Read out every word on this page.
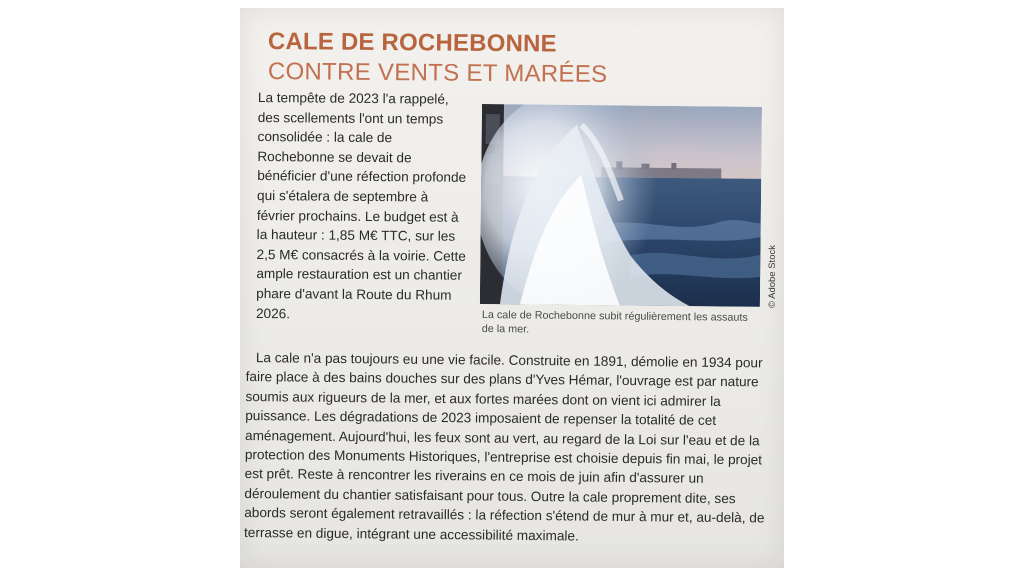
CALE DE ROCHEBONNE
CONTRE VENTS ET MARÉES

La tempête de 2023 l'a rappelé, des scellements l'ont un temps consolidée : la cale de Rochebonne se devait de bénéficier d'une réfection profonde qui s'étalera de septembre à février prochains. Le budget est à la hauteur : 1,85 M€ TTC, sur les 2,5 M€ consacrés à la voirie. Cette ample restauration est un chantier phare d'avant la Route du Rhum 2026.

© Adobe Stock
La cale de Rochebonne subit régulièrement les assauts de la mer.

La cale n'a pas toujours eu une vie facile. Construite en 1891, démolie en 1934 pour faire place à des bains douches sur des plans d'Yves Hémar, l'ouvrage est par nature soumis aux rigueurs de la mer, et aux fortes marées dont on vient ici admirer la puissance. Les dégradations de 2023 imposaient de repenser la totalité de cet aménagement. Aujourd'hui, les feux sont au vert, au regard de la Loi sur l'eau et de la protection des Monuments Historiques, l'entreprise est choisie depuis fin mai, le projet est prêt. Reste à rencontrer les riverains en ce mois de juin afin d'assurer un déroulement du chantier satisfaisant pour tous. Outre la cale proprement dite, ses abords seront également retravaillés : la réfection s'étend de mur à mur et, au-delà, de terrasse en digue, intégrant une accessibilité maximale.
